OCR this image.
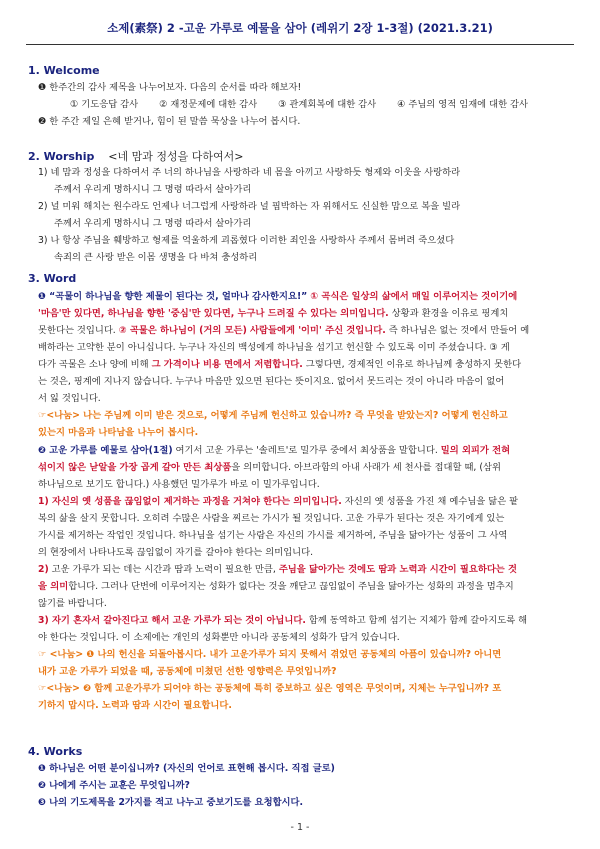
소제(素祭) 2 -고운 가루로 예물을 삼아 (레위기 2장 1-3절) (2021.3.21)
1. Welcome
❶ 한주간의 감사 제목을 나누어보자. 다음의 순서를 따라 해보자!
① 기도응답 감사 ② 재정문제에 대한 감사 ③ 관계회복에 대한 감사 ④ 주님의 영적 임재에 대한 감사
❷ 한 주간 제일 은혜 받거나, 힘이 된 말씀 묵상을 나누어 봅시다.
2. Worship <네 맘과 정성을 다하여서>
1) 네 맘과 정성을 다하여서 주 너의 하나님을 사랑하라 네 몸을 아끼고 사랑하듯 형제와 이웃을 사랑하라
주께서 우리게 명하시니 그 명령 따라서 살아가리
2) 널 미워 해치는 원수라도 언제나 너그럽게 사랑하라 널 핍박하는 자 위해서도 신실한 맘으로 복을 빌라
주께서 우리게 명하시니 그 명령 따라서 살아가리
3) 나 항상 주님을 훼방하고 형제를 억울하게 괴롭혔다 이러한 죄인을 사랑하사 주께서 몸버려 죽으셨다
속죄의 큰 사랑 받은 이몸 생명을 다 바쳐 충성하리
3. Word
❶ “곡물이 하나님을 향한 제물이 된다는 것, 얼마나 감사한지요!” ① 곡식은 일상의 삶에서 매일 이루어지는 것이기에
'마음'만 있다면, 하나님을 향한 '중심'만 있다면, 누구나 드려질 수 있다는 의미입니다. 상황과 환경을 이유로 핑계치
못한다는 것입니다. ② 곡물은 하나님이 (거의 모든) 사람들에게 '이미' 주신 것입니다. 즉 하나님은 없는 것에서 만들어 예
배하라는 고약한 분이 아니십니다. 누구나 자신의 백성에게 하나님을 섬기고 헌신할 수 있도록 이미 주셨습니다. ③ 게
다가 곡물은 소나 양에 비해 그 가격이나 비용 면에서 저렴합니다. 그렇다면, 경제적인 이유로 하나님께 충성하지 못한다
는 것은, 핑계에 지나지 않습니다. 누구나 마음만 있으면 된다는 뜻이지요. 없어서 못드리는 것이 아니라 마음이 없어
서 잃 것입니다.
☞<나눔> 나는 주님께 이미 받은 것으로, 어떻게 주님께 헌신하고 있습니까? 즉 무엇을 받았는지? 어떻게 헌신하고
있는지 마음과 나타남을 나누어 봅시다.
❷ 고운 가루를 예물로 삼아(1절) 여기서 고운 가루는 '솔레트'로 밀가루 중에서 최상품을 말합니다. 밀의 외피가 전혀
섞이지 않은 낟알을 가장 곱게 갈아 만든 최상품을 의미합니다. 아브라함의 아내 사래가 세 천사를 접대할 때, (삼위
하나님으로 보기도 합니다.) 사용했던 밀가루가 바로 이 밀가루입니다.
1) 자신의 옛 성품을 끊임없이 제거하는 과정을 거쳐야 한다는 의미입니다. 자신의 옛 성품을 가진 채 예수님을 닮은 팥
복의 삶을 살지 못합니다. 오히려 수많은 사람을 찌르는 가시가 될 것입니다. 고운 가루가 된다는 것은 자기에게 있는
가시를 제거하는 작업인 것입니다. 하나님을 섬기는 사람은 자신의 가시를 제거하여, 주님을 닮아가는 성품이 그 사역
의 현장에서 나타나도록 끊임없이 자기를 갈아야 한다는 의미입니다.
2) 고운 가루가 되는 데는 시간과 땀과 노력이 필요한 만큼, 주님을 닮아가는 것에도 땀과 노력과 시간이 필요하다는 것
을 의미합니다. 그러나 단번에 이루어지는 성화가 없다는 것을 깨닫고 끊임없이 주님을 닮아가는 성화의 과정을 멈추지
않기를 바랍니다.
3) 자기 혼자서 갈아진다고 해서 고운 가루가 되는 것이 아닙니다. 함께 동역하고 함께 섬기는 지체가 함께 갈아지도록 해
야 한다는 것입니다. 이 소제에는 개인의 성화뿐만 아니라 공동체의 성화가 담겨 있습니다.
☞ <나눔> ❶ 나의 헌신을 되돌아봅시다. 내가 고운가루가 되지 못해서 겪었던 공동체의 아픔이 있습니까? 아니면
내가 고운 가루가 되었을 때, 공동체에 미쳤던 선한 영향력은 무엇입니까?
☞<나눔> ❷ 함께 고운가루가 되어야 하는 공동체에 특히 중보하고 싶은 영역은 무엇이며, 지체는 누구입니까? 포
기하지 맙시다. 노력과 땀과 시간이 필요합니다.
4. Works
❶ 하나님은 어떤 분이십니까? (자신의 언어로 표현해 봅시다. 직접 글로)
❷ 나에게 주시는 교훈은 무엇입니까?
❸ 나의 기도제목을 2가지를 적고 나누고 중보기도를 요청합시다.
- 1 -
